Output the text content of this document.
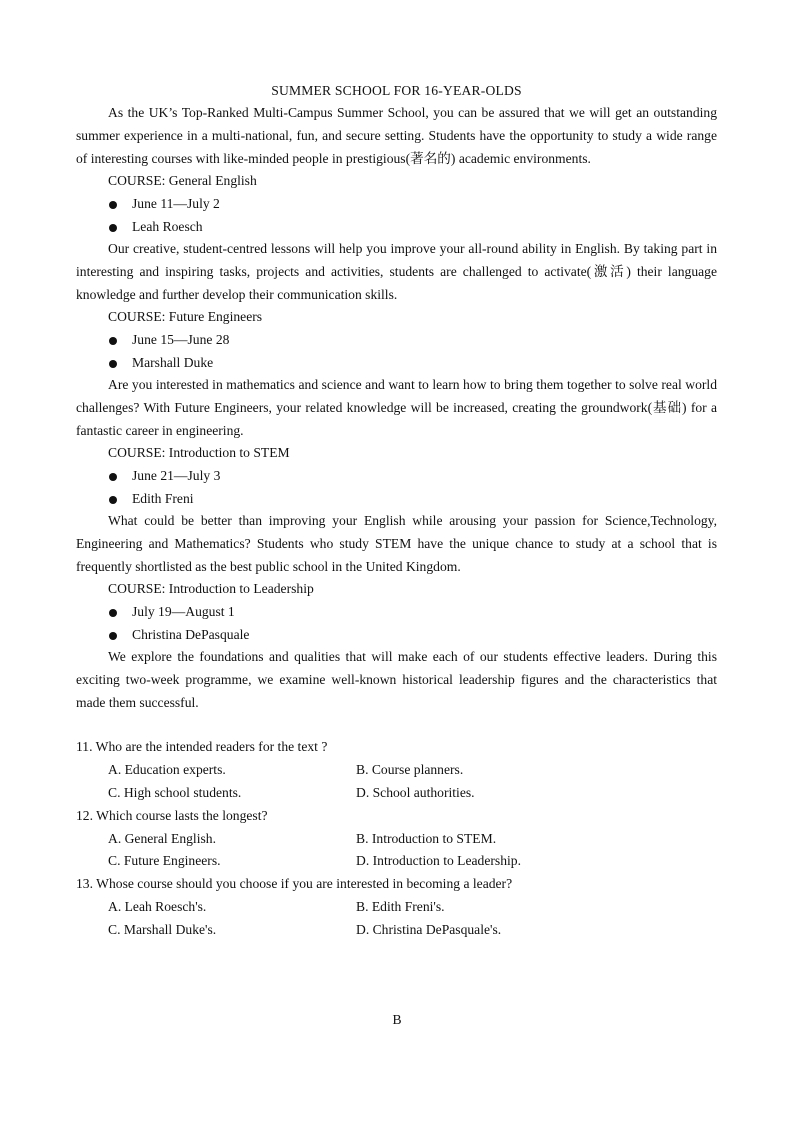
SUMMER SCHOOL FOR 16-YEAR-OLDS

As the UK’s Top-Ranked Multi-Campus Summer School, you can be assured that we will get an outstanding summer experience in a multi-national, fun, and secure setting. Students have the opportunity to study a wide range of interesting courses with like-minded people in prestigious(著名的) academic environments.

COURSE: General English

June 11—July 2

Leah Roesch

Our creative, student-centred lessons will help you improve your all-round ability in English. By taking part in interesting and inspiring tasks, projects and activities, students are challenged to activate(激活) their language knowledge and further develop their communication skills.

COURSE: Future Engineers

June 15—June 28

Marshall Duke

Are you interested in mathematics and science and want to learn how to bring them together to solve real world challenges? With Future Engineers, your related knowledge will be increased, creating the groundwork(基础) for a fantastic career in engineering.

COURSE: Introduction to STEM

June 21—July 3

Edith Freni

What could be better than improving your English while arousing your passion for Science,Technology, Engineering and Mathematics? Students who study STEM have the unique chance to study at a school that is frequently shortlisted as the best public school in the United Kingdom.

COURSE: Introduction to Leadership

July 19—August 1

Christina DePasquale

We explore the foundations and qualities that will make each of our students effective leaders. During this exciting two-week programme, we examine well-known historical leadership figures and the characteristics that made them successful.

11. Who are the intended readers for the text ?

A. Education experts.	B. Course planners.
C. High school students.	D. School authorities.

12. Which course lasts the longest?

A. General English.	B. Introduction to STEM.
C. Future Engineers.	D. Introduction to Leadership.

13. Whose course should you choose if you are interested in becoming a leader?

A. Leah Roesch's.	B. Edith Freni's.
C. Marshall Duke's.	D. Christina DePasquale's.
B
